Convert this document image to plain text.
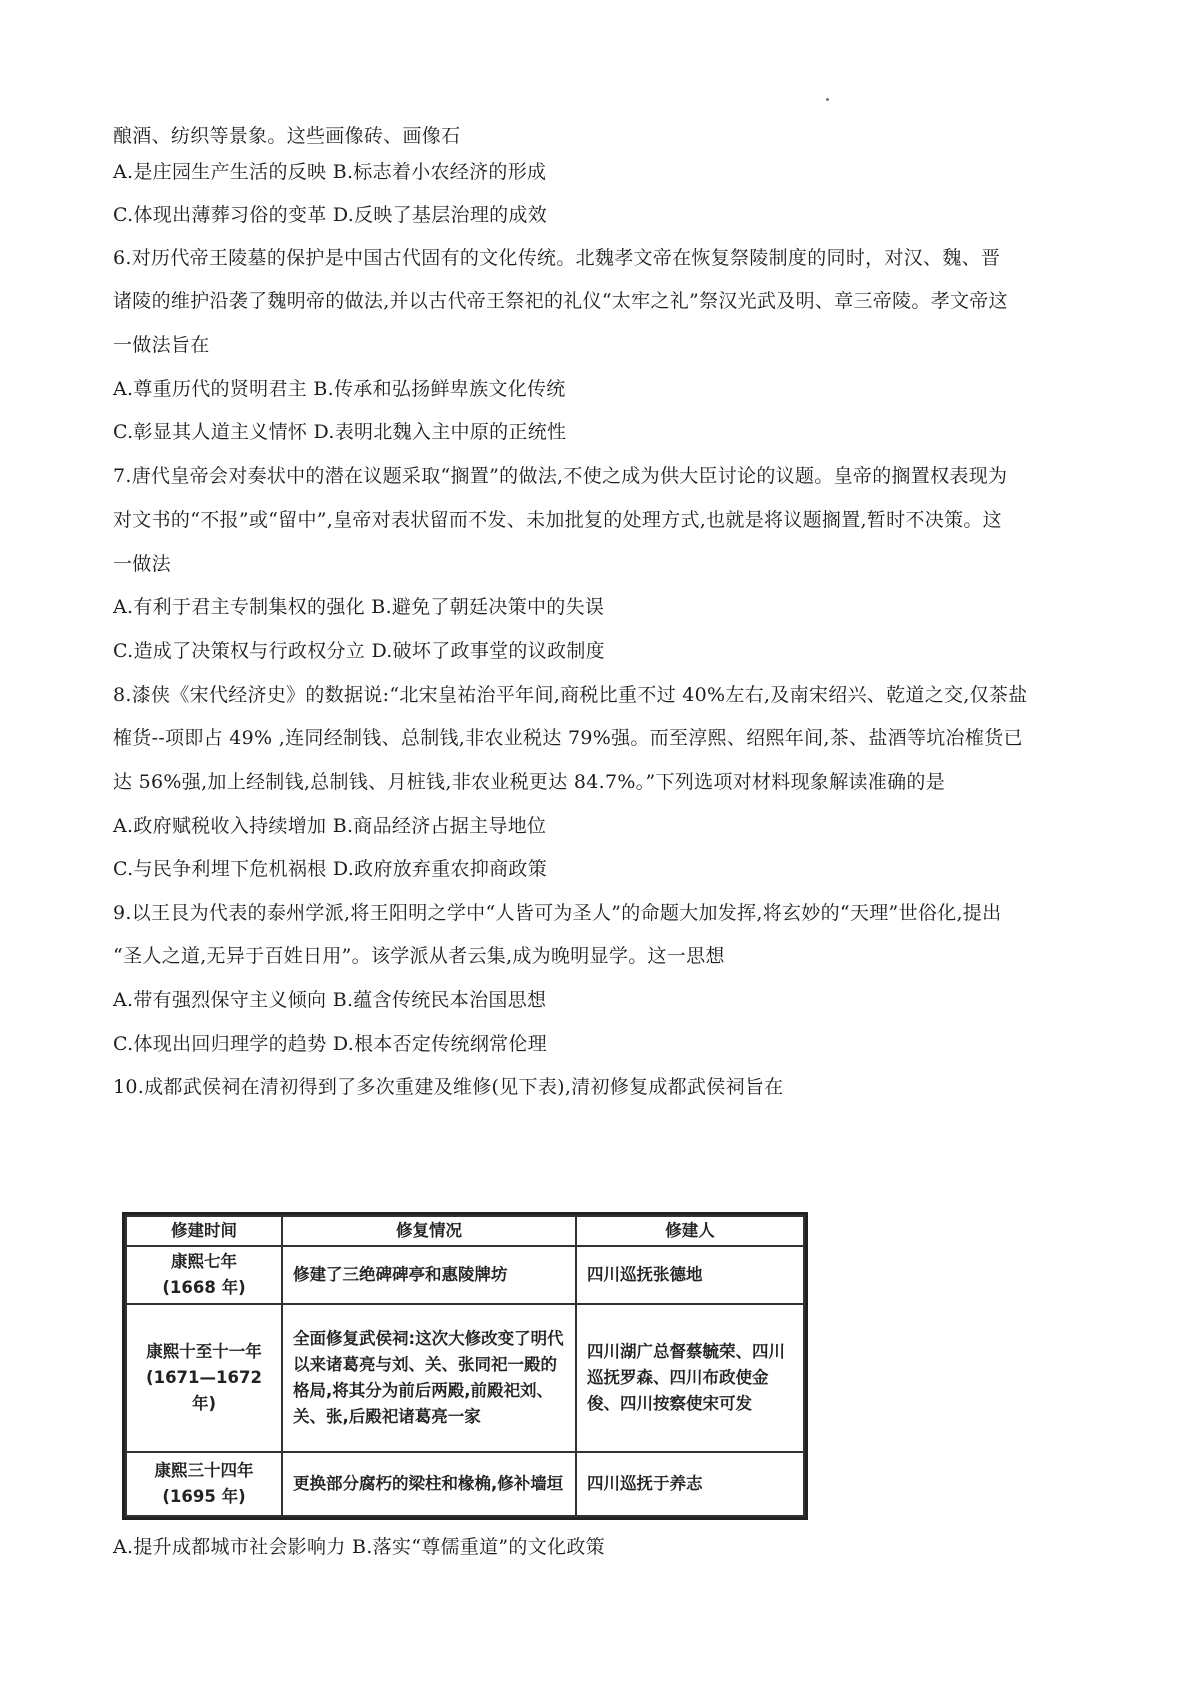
酿酒、纺织等景象。这些画像砖、画像石
A.是庄园生产生活的反映 B.标志着小农经济的形成
C.体现出薄葬习俗的变革 D.反映了基层治理的成效
6.对历代帝王陵墓的保护是中国古代固有的文化传统。北魏孝文帝在恢复祭陵制度的同时，对汉、魏、晋
诸陵的维护沿袭了魏明帝的做法,并以古代帝王祭祀的礼仪“太牢之礼”祭汉光武及明、章三帝陵。孝文帝这
一做法旨在
A.尊重历代的贤明君主 B.传承和弘扬鲜卑族文化传统
C.彰显其人道主义情怀 D.表明北魏入主中原的正统性
7.唐代皇帝会对奏状中的潜在议题采取“搁置”的做法,不使之成为供大臣讨论的议题。皇帝的搁置权表现为
对文书的“不报”或“留中”,皇帝对表状留而不发、未加批复的处理方式,也就是将议题搁置,暂时不决策。这
一做法
A.有利于君主专制集权的强化 B.避免了朝廷决策中的失误
C.造成了决策权与行政权分立 D.破坏了政事堂的议政制度
8.漆侠《宋代经济史》的数据说:“北宋皇祐治平年间,商税比重不过 40%左右,及南宋绍兴、乾道之交,仅茶盐
榷货--项即占 49% ,连同经制钱、总制钱,非农业税达 79%强。而至淳熙、绍熙年间,茶、盐酒等坑冶榷货已
达 56%强,加上经制钱,总制钱、月桩钱,非农业税更达 84.7%。”下列选项对材料现象解读准确的是
A.政府赋税收入持续增加 B.商品经济占据主导地位
C.与民争利埋下危机祸根 D.政府放弃重农抑商政策
9.以王艮为代表的泰州学派,将王阳明之学中“人皆可为圣人”的命题大加发挥,将玄妙的“天理”世俗化,提出
“圣人之道,无异于百姓日用”。该学派从者云集,成为晚明显学。这一思想
A.带有强烈保守主义倾向 B.蕴含传统民本治国思想
C.体现出回归理学的趋势 D.根本否定传统纲常伦理
10.成都武侯祠在清初得到了多次重建及维修(见下表),清初修复成都武侯祠旨在
修建时间	修复情况	修建人
康熙七年
(1668 年)	修建了三绝碑碑亭和惠陵牌坊	四川巡抚张德地
康熙十至十一年
(1671—1672 年)	全面修复武侯祠:这次大修改变了明代以来诸葛亮与刘、关、张同祀一殿的格局,将其分为前后两殿,前殿祀刘、关、张,后殿祀诸葛亮一家	四川湖广总督蔡毓荣、四川巡抚罗森、四川布政使金俊、四川按察使宋可发
康熙三十四年
(1695 年)	更换部分腐朽的梁柱和椽桷,修补墙垣	四川巡抚于养志
A.提升成都城市社会影响力 B.落实“尊儒重道”的文化政策
